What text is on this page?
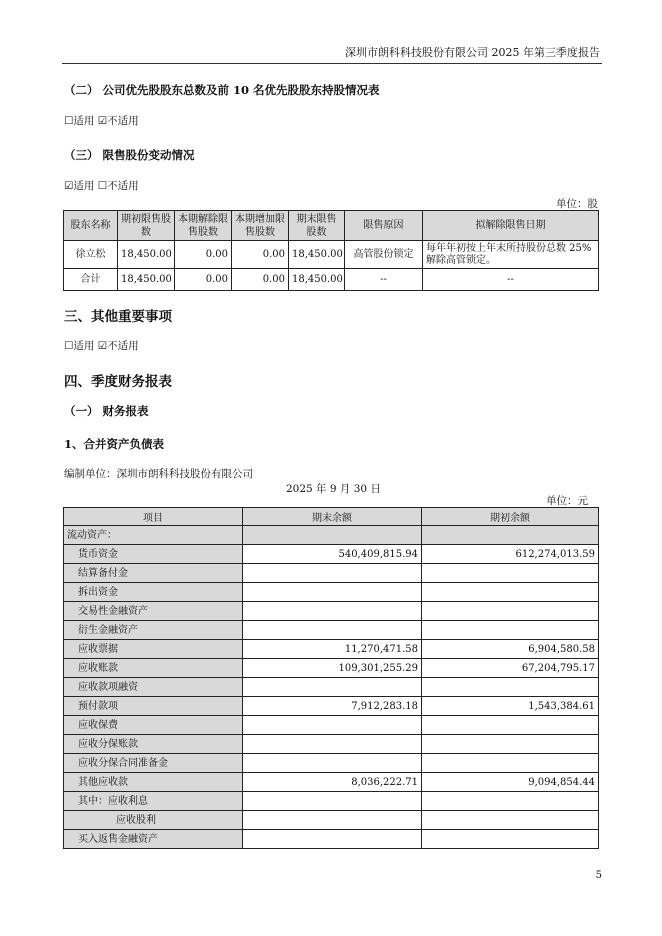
深圳市朗科科技股份有限公司 2025 年第三季度报告
（二） 公司优先股股东总数及前 10 名优先股股东持股情况表
☐适用 ☑不适用
（三） 限售股份变动情况
☑适用 ☐不适用
单位：股
股东名称	期初限售股数	本期解除限售股数	本期增加限售股数	期末限售股数	限售原因	拟解除限售日期
徐立松	18,450.00	0.00	0.00	18,450.00	高管股份锁定	每年年初按上年末所持股份总数 25%解除高管锁定。
合计	18,450.00	0.00	0.00	18,450.00	--	--
三、其他重要事项
☐适用 ☑不适用
四、季度财务报表
（一） 财务报表
1、合并资产负债表
编制单位：深圳市朗科科技股份有限公司
2025 年 9 月 30 日
单位：元
项目	期末余额	期初余额
流动资产：		
货币资金	540,409,815.94	612,274,013.59
结算备付金		
拆出资金		
交易性金融资产		
衍生金融资产		
应收票据	11,270,471.58	6,904,580.58
应收账款	109,301,255.29	67,204,795.17
应收款项融资		
预付款项	7,912,283.18	1,543,384.61
应收保费		
应收分保账款		
应收分保合同准备金		
其他应收款	8,036,222.71	9,094,854.44
其中：应收利息		
应收股利		
买入返售金融资产		
5
